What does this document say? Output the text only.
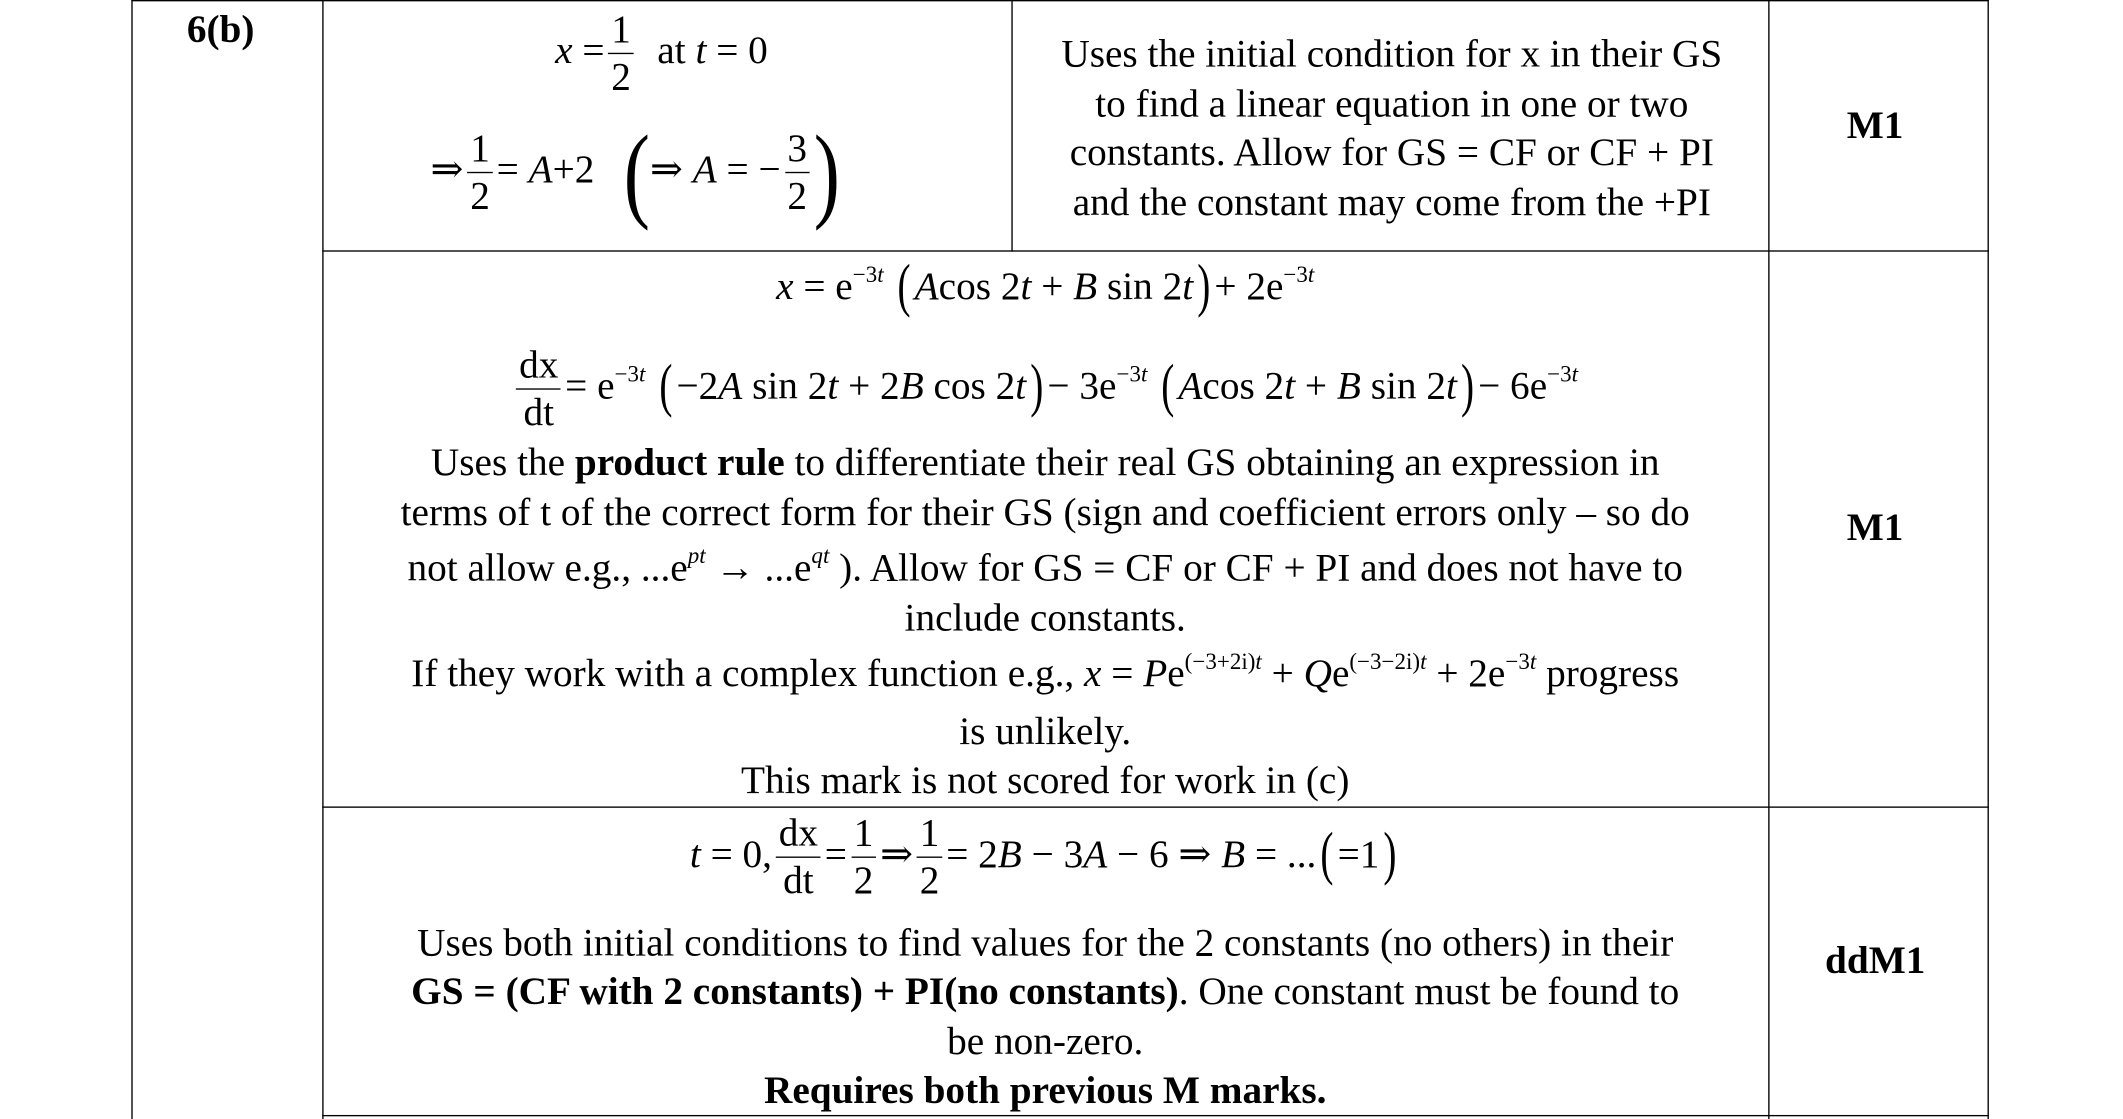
6(b)	$x = \frac{1}{2}$ at t = 0
⇒ $\frac{1}{2} = A+2$   (⇒ A = − $\frac{3}{2}$ )
Uses the initial condition for x in their GS
to find a linear equation in one or two
constants. Allow for GS = CF or CF + PI
and the constant may come from the +PI
M1
$x = e^{-3t}$ ( Acos 2t + B sin 2t ) + $2e^{-3t}$
$\frac{dx}{dt} = e^{-3t}$ ( −2A sin 2t + 2B cos 2t ) − $3e^{-3t}$ ( Acos 2t + B sin 2t ) − $6e^{-3t}$
Uses the product rule to differentiate their real GS obtaining an expression in
terms of t of the correct form for their GS (sign and coefficient errors only – so do
not allow e.g., $...e^{pt} \to ...e^{qt}$ ). Allow for GS = CF or CF + PI and does not have to
include constants.
If they work with a complex function e.g., $x = Pe^{(-3+2i)t} + Qe^{(-3-2i)t} + 2e^{-3t}$ progress
is unlikely.
This mark is not scored for work in (c)
M1
t = 0, $\frac{dx}{dt} = \frac{1}{2}$ ⇒ $\frac{1}{2} = 2B - 3A - 6$ ⇒ B = ... ( =1 )
Uses both initial conditions to find values for the 2 constants (no others) in their
GS = (CF with 2 constants) + PI(no constants). One constant must be found to
be non-zero.
Requires both previous M marks.
ddM1
